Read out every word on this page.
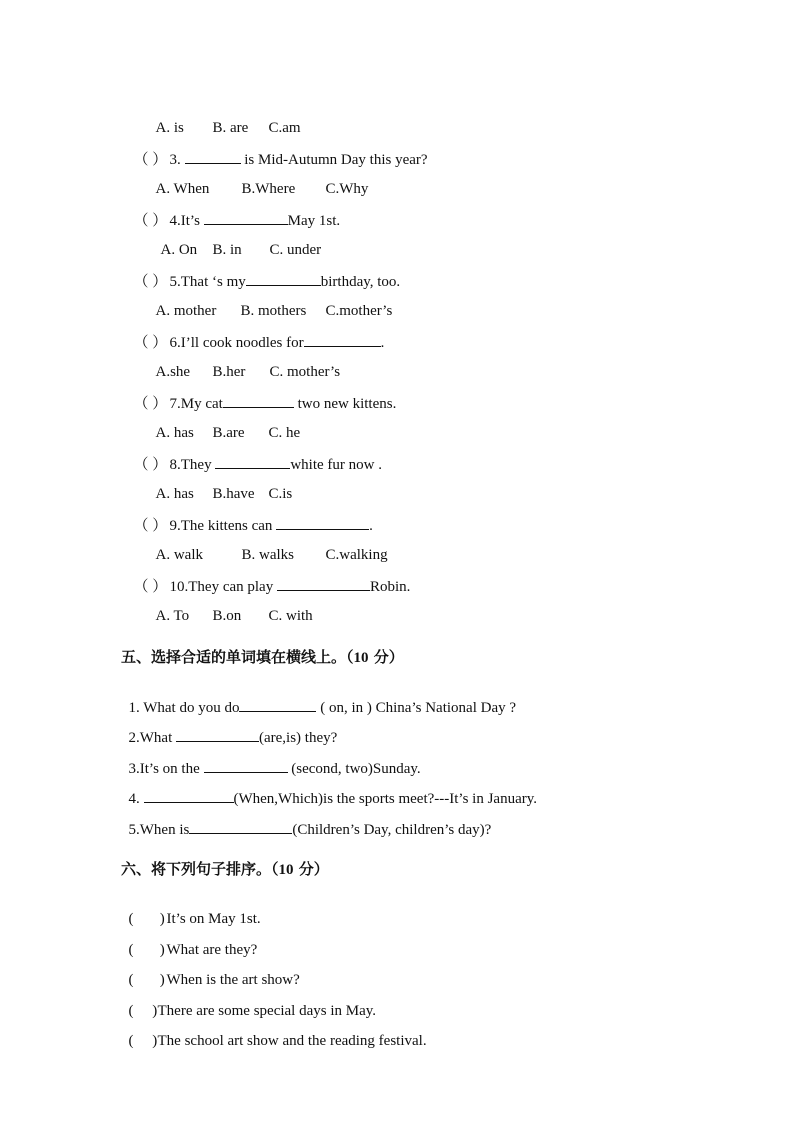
A. is B. are C.am

（ ） 3.	is Mid-Autumn Day this year?

A. When B.Where C.Why

（ ） 4.It’s	May 1st.

A. On B. in C. under

（ ） 5.That ‘s my	birthday, too.

A. mother B. mothers C.mother’s

（ ） 6.I’ll cook noodles for	.

A.she B.her C. mother’s

（ ） 7.My cat	two new kittens.

A. has B.are C. he

（ ） 8.They	white fur now .

A. has B.have C.is

（ ） 9.The kittens can	.

A. walk	B. walks C.walking

（ ） 10.They can play	Robin.

A. To B.on C. with

五、选择合适的单词填在横线上。（10 分）

1. What do you do	( on, in ) China’s National Day ?

2.What	(are,is) they?

3.It’s on the	(second, two)Sunday.

4.	(When,Which)is the sports meet?---It’s in January.

5.When is	(Children’s Day, children’s day)?

六、将下列句子排序。（10 分）

(       ) It’s on May 1st.

(       ) What are they?

(       ) When is the art show?

(     )There are some special days in May.

(     )The school art show and the reading festival.
